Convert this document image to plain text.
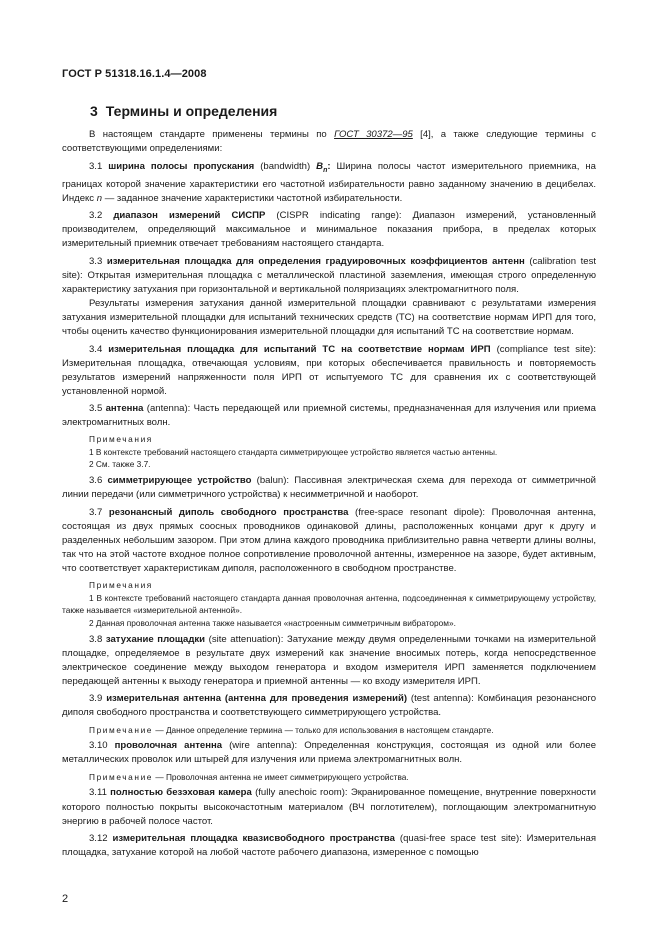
ГОСТ Р 51318.16.1.4—2008
3 Термины и определения

В настоящем стандарте применены термины по ГОСТ 30372—95 [4], а также следующие термины с соответствующими определениями:

3.1 ширина полосы пропускания (bandwidth) $B_n$: Ширина полосы частот измерительного приемника, на границах которой значение характеристики его частотной избирательности равно заданному значению в децибелах. Индекс n — заданное значение характеристики частотной избирательности.

3.2 диапазон измерений СИСПР (CISPR indicating range): Диапазон измерений, установленный производителем, определяющий максимальное и минимальное показания прибора, в пределах которых измерительный приемник отвечает требованиям настоящего стандарта.

3.3 измерительная площадка для определения градуировочных коэффициентов антенн (calibration test site): Открытая измерительная площадка с металлической пластиной заземления, имеющая строго определенную характеристику затухания при горизонтальной и вертикальной поляризациях электромагнитного поля.

Результаты измерения затухания данной измерительной площадки сравнивают с результатами измерения затухания измерительной площадки для испытаний технических средств (ТС) на соответствие нормам ИРП для того, чтобы оценить качество функционирования измерительной площадки для испытаний ТС на соответствие нормам.

3.4 измерительная площадка для испытаний ТС на соответствие нормам ИРП (compliance test site): Измерительная площадка, отвечающая условиям, при которых обеспечивается правильность и повторяемость результатов измерений напряженности поля ИРП от испытуемого ТС для сравнения их с соответствующей установленной нормой.

3.5 антенна (antenna): Часть передающей или приемной системы, предназначенная для излучения или приема электромагнитных волн.

Примечания

1 В контексте требований настоящего стандарта симметрирующее устройство является частью антенны.

2 См. также 3.7.

3.6 симметрирующее устройство (balun): Пассивная электрическая схема для перехода от симметричной линии передачи (или симметричного устройства) к несимметричной и наоборот.

3.7 резонансный диполь свободного пространства (free-space resonant dipole): Проволочная антенна, состоящая из двух прямых соосных проводников одинаковой длины, расположенных концами друг к другу и разделенных небольшим зазором. При этом длина каждого проводника приблизительно равна четверти длины волны, так что на этой частоте входное полное сопротивление проволочной антенны, измеренное на зазоре, будет активным, что соответствует характеристикам диполя, расположенного в свободном пространстве.

Примечания

1 В контексте требований настоящего стандарта данная проволочная антенна, подсоединенная к симметрирующему устройству, также называется «измерительной антенной».

2 Данная проволочная антенна также называется «настроенным симметричным вибратором».

3.8 затухание площадки (site attenuation): Затухание между двумя определенными точками на измерительной площадке, определяемое в результате двух измерений как значение вносимых потерь, когда непосредственное электрическое соединение между выходом генератора и входом измерителя ИРП заменяется подключением передающей антенны к выходу генератора и приемной антенны — ко входу измерителя ИРП.

3.9 измерительная антенна (антенна для проведения измерений) (test antenna): Комбинация резонансного диполя свободного пространства и соответствующего симметрирующего устройства.

Примечание — Данное определение термина — только для использования в настоящем стандарте.

3.10 проволочная антенна (wire antenna): Определенная конструкция, состоящая из одной или более металлических проволок или штырей для излучения или приема электромагнитных волн.

Примечание — Проволочная антенна не имеет симметрирующего устройства.

3.11 полностью безэховая камера (fully anechoic room): Экранированное помещение, внутренние поверхности которого полностью покрыты высокочастотным материалом (ВЧ поглотителем), поглощающим электромагнитную энергию в рабочей полосе частот.

3.12 измерительная площадка квазисвободного пространства (quasi-free space test site): Измерительная площадка, затухание которой на любой частоте рабочего диапазона, измеренное с помощью

2
